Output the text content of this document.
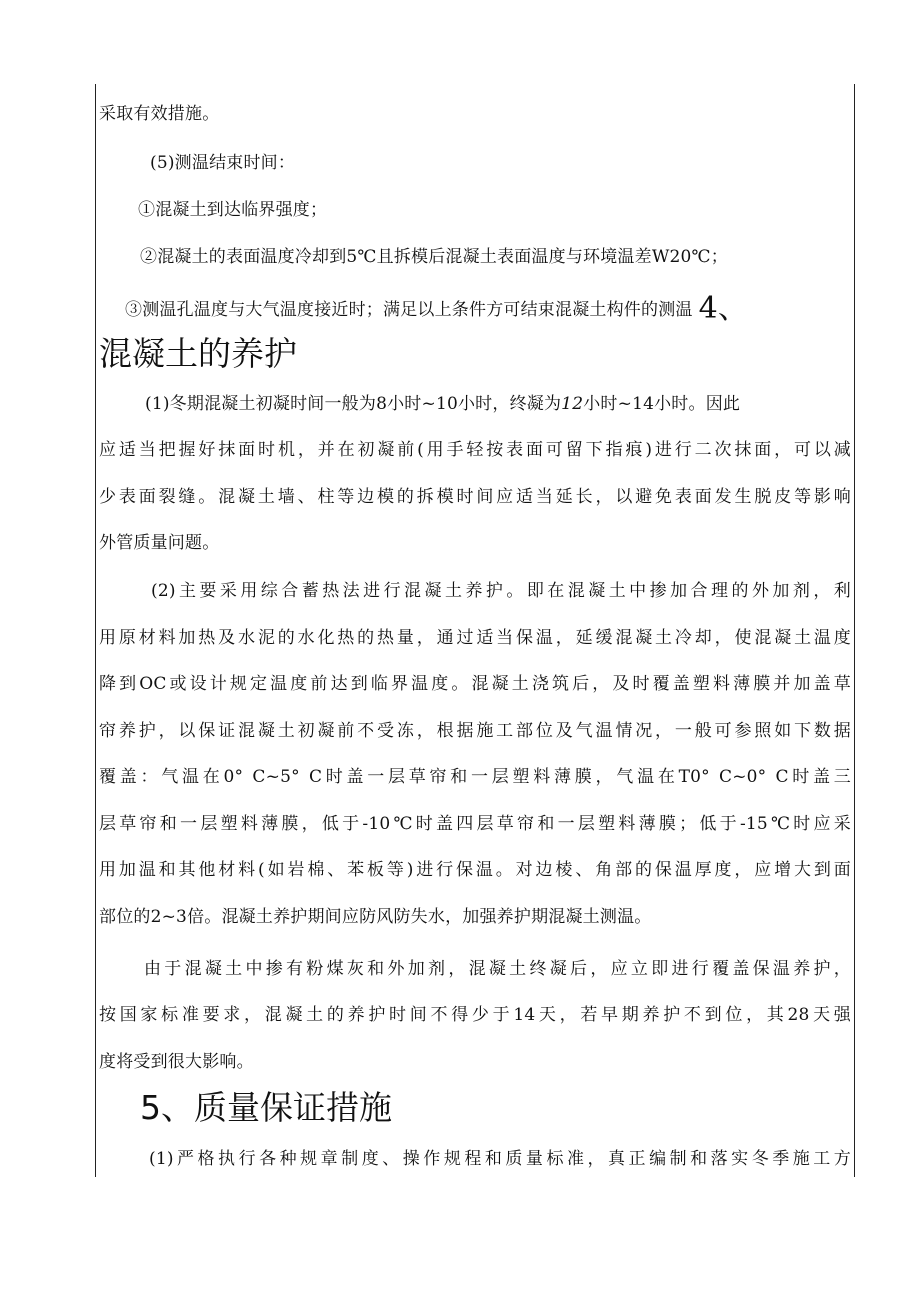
采取有效措施。
(5)测温结束时间：
①混凝土到达临界强度；
②混凝土的表面温度冷却到5℃且拆模后混凝土表面温度与环境温差W20℃；
③测温孔温度与大气温度接近时；满足以上条件方可结束混凝土构件的测温 4、
混凝土的养护
(1)冬期混凝土初凝时间一般为8小时~10小时，终凝为12小时~14小时。因此
应适当把握好抹面时机，并在初凝前(用手轻按表面可留下指痕)进行二次抹面，可以减
少表面裂缝。混凝土墙、柱等边模的拆模时间应适当延长，以避免表面发生脱皮等影响
外管质量问题。
(2)主要采用综合蓄热法进行混凝土养护。即在混凝土中掺加合理的外加剂，利
用原材料加热及水泥的水化热的热量，通过适当保温，延缓混凝土冷却，使混凝土温度
降到OC或设计规定温度前达到临界温度。混凝土浇筑后，及时覆盖塑料薄膜并加盖草
帘养护，以保证混凝土初凝前不受冻，根据施工部位及气温情况，一般可参照如下数据
覆盖：气温在0° C~5° C时盖一层草帘和一层塑料薄膜，气温在T0° C~0° C时盖三
层草帘和一层塑料薄膜，低于-10℃时盖四层草帘和一层塑料薄膜；低于-15℃时应采
用加温和其他材料(如岩棉、苯板等)进行保温。对边棱、角部的保温厚度，应增大到面
部位的2~3倍。混凝土养护期间应防风防失水，加强养护期混凝土测温。
由于混凝土中掺有粉煤灰和外加剂，混凝土终凝后，应立即进行覆盖保温养护，
按国家标准要求，混凝土的养护时间不得少于14天，若早期养护不到位，其28天强
度将受到很大影响。
5、质量保证措施
(1)严格执行各种规章制度、操作规程和质量标准，真正编制和落实冬季施工方
